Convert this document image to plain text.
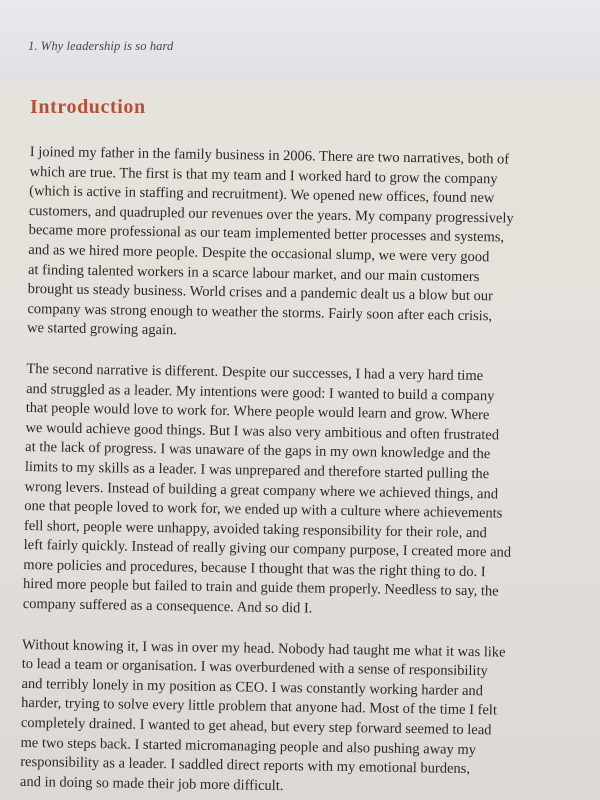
1. Why leadership is so hard
Introduction

I joined my father in the family business in 2006. There are two narratives, both of
which are true. The first is that my team and I worked hard to grow the company
(which is active in staffing and recruitment). We opened new offices, found new
customers, and quadrupled our revenues over the years. My company progressively
became more professional as our team implemented better processes and systems,
and as we hired more people. Despite the occasional slump, we were very good
at finding talented workers in a scarce labour market, and our main customers
brought us steady business. World crises and a pandemic dealt us a blow but our
company was strong enough to weather the storms. Fairly soon after each crisis,
we started growing again.

The second narrative is different. Despite our successes, I had a very hard time
and struggled as a leader. My intentions were good: I wanted to build a company
that people would love to work for. Where people would learn and grow. Where
we would achieve good things. But I was also very ambitious and often frustrated
at the lack of progress. I was unaware of the gaps in my own knowledge and the
limits to my skills as a leader. I was unprepared and therefore started pulling the
wrong levers. Instead of building a great company where we achieved things, and
one that people loved to work for, we ended up with a culture where achievements
fell short, people were unhappy, avoided taking responsibility for their role, and
left fairly quickly. Instead of really giving our company purpose, I created more and
more policies and procedures, because I thought that was the right thing to do. I
hired more people but failed to train and guide them properly. Needless to say, the
company suffered as a consequence. And so did I.

Without knowing it, I was in over my head. Nobody had taught me what it was like
to lead a team or organisation. I was overburdened with a sense of responsibility
and terribly lonely in my position as CEO. I was constantly working harder and
harder, trying to solve every little problem that anyone had. Most of the time I felt
completely drained. I wanted to get ahead, but every step forward seemed to lead
me two steps back. I started micromanaging people and also pushing away my
responsibility as a leader. I saddled direct reports with my emotional burdens,
and in doing so made their job more difficult.
